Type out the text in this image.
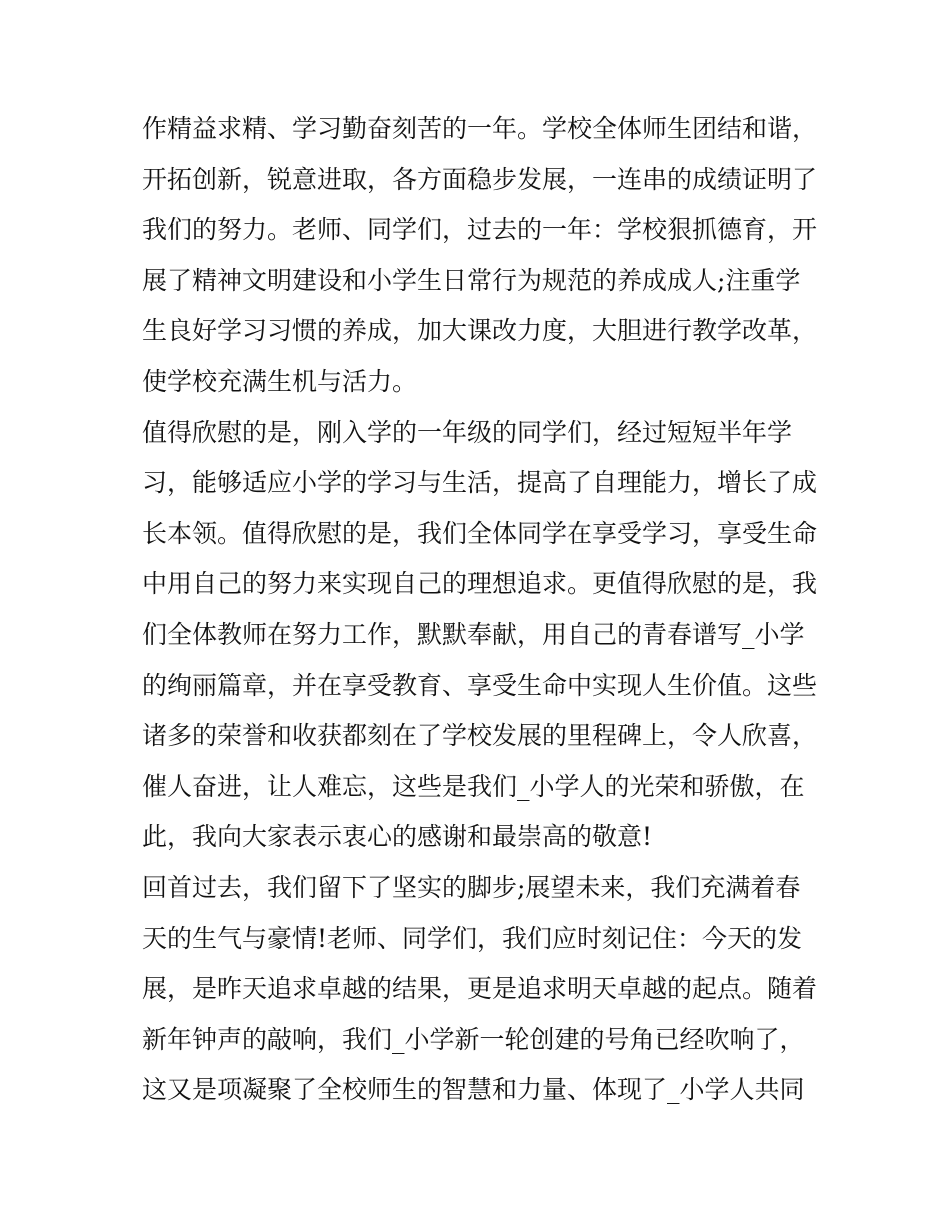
作精益求精、学习勤奋刻苦的一年。学校全体师生团结和谐，
开拓创新，锐意进取，各方面稳步发展，一连串的成绩证明了
我们的努力。老师、同学们，过去的一年：学校狠抓德育，开
展了精神文明建设和小学生日常行为规范的养成成人;注重学
生良好学习习惯的养成，加大课改力度，大胆进行教学改革，
使学校充满生机与活力。
值得欣慰的是，刚入学的一年级的同学们，经过短短半年学
习，能够适应小学的学习与生活，提高了自理能力，增长了成
长本领。值得欣慰的是，我们全体同学在享受学习，享受生命
中用自己的努力来实现自己的理想追求。更值得欣慰的是，我
们全体教师在努力工作，默默奉献，用自己的青春谱写_小学
的绚丽篇章，并在享受教育、享受生命中实现人生价值。这些
诸多的荣誉和收获都刻在了学校发展的里程碑上，令人欣喜，
催人奋进，让人难忘，这些是我们_小学人的光荣和骄傲，在
此，我向大家表示衷心的感谢和最崇高的敬意!
回首过去，我们留下了坚实的脚步;展望未来，我们充满着春
天的生气与豪情!老师、同学们，我们应时刻记住：今天的发
展，是昨天追求卓越的结果，更是追求明天卓越的起点。随着
新年钟声的敲响，我们_小学新一轮创建的号角已经吹响了，
这又是项凝聚了全校师生的智慧和力量、体现了_小学人共同
